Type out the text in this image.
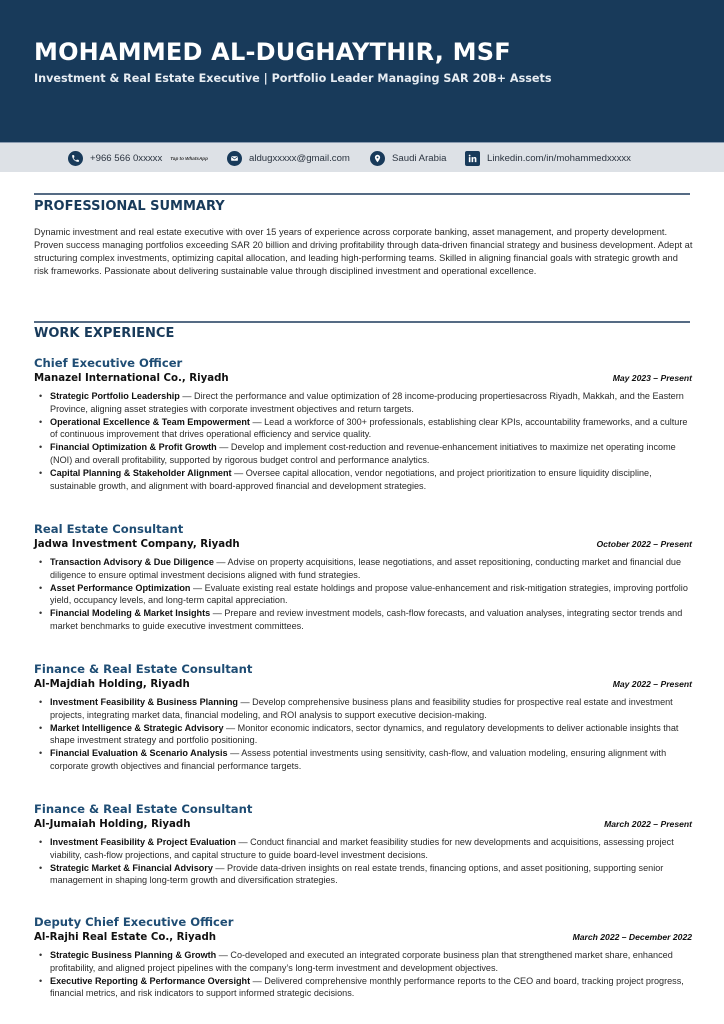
MOHAMMED AL-DUGHAYTHIR, MSF
Investment & Real Estate Executive | Portfolio Leader Managing SAR 20B+ Assets
+966 566 0xxxxx Tap to WhatsApp	aldugxxxxx@gmail.com	Saudi Arabia	Linkedin.com/in/mohammedxxxxx
PROFESSIONAL SUMMARY
Dynamic investment and real estate executive with over 15 years of experience across corporate banking, asset management, and property development. Proven success managing portfolios exceeding SAR 20 billion and driving profitability through data-driven financial strategy and business development. Adept at structuring complex investments, optimizing capital allocation, and leading high-performing teams. Skilled in aligning financial goals with strategic growth and risk frameworks. Passionate about delivering sustainable value through disciplined investment and operational excellence.
WORK EXPERIENCE
Chief Executive Officer
Manazel International Co., Riyadh	May 2023 – Present
• Strategic Portfolio Leadership — Direct the performance and value optimization of 28 income-producing propertiesacross Riyadh, Makkah, and the Eastern Province, aligning asset strategies with corporate investment objectives and return targets.
• Operational Excellence & Team Empowerment — Lead a workforce of 300+ professionals, establishing clear KPIs, accountability frameworks, and a culture of continuous improvement that drives operational efficiency and service quality.
• Financial Optimization & Profit Growth — Develop and implement cost-reduction and revenue-enhancement initiatives to maximize net operating income (NOI) and overall profitability, supported by rigorous budget control and performance analytics.
• Capital Planning & Stakeholder Alignment — Oversee capital allocation, vendor negotiations, and project prioritization to ensure liquidity discipline, sustainable growth, and alignment with board-approved financial and development strategies.
Real Estate Consultant
Jadwa Investment Company, Riyadh	October 2022 – Present
• Transaction Advisory & Due Diligence — Advise on property acquisitions, lease negotiations, and asset repositioning, conducting market and financial due diligence to ensure optimal investment decisions aligned with fund strategies.
• Asset Performance Optimization — Evaluate existing real estate holdings and propose value-enhancement and risk-mitigation strategies, improving portfolio yield, occupancy levels, and long-term capital appreciation.
• Financial Modeling & Market Insights — Prepare and review investment models, cash-flow forecasts, and valuation analyses, integrating sector trends and market benchmarks to guide executive investment committees.
Finance & Real Estate Consultant
Al-Majdiah Holding, Riyadh	May 2022 – Present
• Investment Feasibility & Business Planning — Develop comprehensive business plans and feasibility studies for prospective real estate and investment projects, integrating market data, financial modeling, and ROI analysis to support executive decision-making.
• Market Intelligence & Strategic Advisory — Monitor economic indicators, sector dynamics, and regulatory developments to deliver actionable insights that shape investment strategy and portfolio positioning.
• Financial Evaluation & Scenario Analysis — Assess potential investments using sensitivity, cash-flow, and valuation modeling, ensuring alignment with corporate growth objectives and financial performance targets.
Finance & Real Estate Consultant
Al-Jumaiah Holding, Riyadh	March 2022 – Present
• Investment Feasibility & Project Evaluation — Conduct financial and market feasibility studies for new developments and acquisitions, assessing project viability, cash-flow projections, and capital structure to guide board-level investment decisions.
• Strategic Market & Financial Advisory — Provide data-driven insights on real estate trends, financing options, and asset positioning, supporting senior management in shaping long-term growth and diversification strategies.
Deputy Chief Executive Officer
Al-Rajhi Real Estate Co., Riyadh	March 2022 – December 2022
• Strategic Business Planning & Growth — Co-developed and executed an integrated corporate business plan that strengthened market share, enhanced profitability, and aligned project pipelines with the company’s long-term investment and development objectives.
• Executive Reporting & Performance Oversight — Delivered comprehensive monthly performance reports to the CEO and board, tracking project progress, financial metrics, and risk indicators to support informed strategic decisions.
